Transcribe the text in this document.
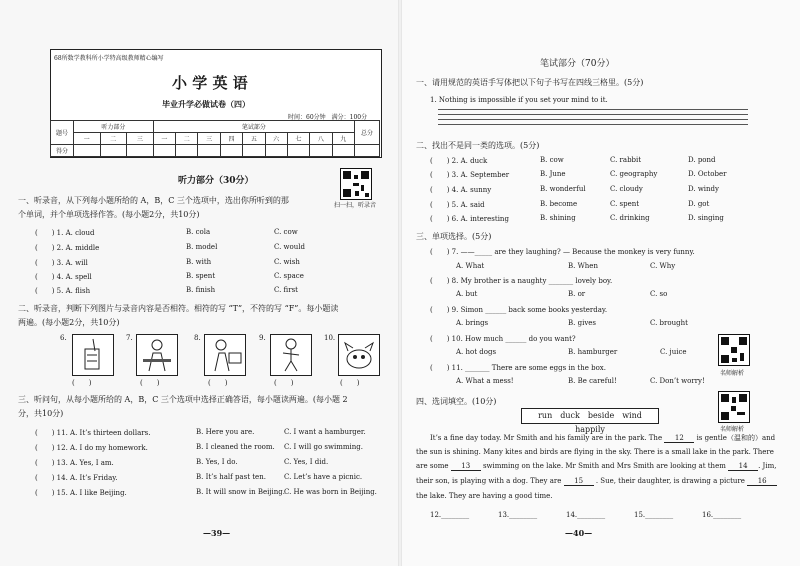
68所数学教科所小学特高级教师精心编写
小 学 英 语
毕业升学必做试卷（四）
时间：60分钟　满分：100分
题号	听力部分			笔试部分									总分
	一	二	三	一	二	三	四	五	六	七	八	九	
得分													
听力部分（30分）
扫一扫，听录音
一、听录音，从下列每小题所给的 A，B，C 三个选项中，选出你所听到的那
个单词，并个单项选择作答。(每小题2分，共10分)
(　　) 1. A. cloud	B. cola	C. cow
(　　) 2. A. middle	B. model	C. would
(　　) 3. A. will	B. with	C. wish
(　　) 4. A. spell	B. spent	C. space
(　　) 5. A. flish	B. finish	C. first
二、听录音，判断下列图片与录音内容是否相符。相符的写 “T”，不符的写 “F”。每小题读
两遍。(每小题2分，共10分)
6.	7.	8.	9.	10.
(　　)	(　　)	(　　)	(　　)	(　　)
三、听问句，从每小题所给的 A，B，C 三个选项中选择正确答语，每小题读两遍。(每小题 2
分，共10分)
(　　) 11. A. It’s thirteen dollars.	B. Here you are.	C. I want a hamburger.
(　　) 12. A. I do my homework.	B. I cleaned the room. C. I will go swimming.
(　　) 13. A. Yes, I am.	B. Yes, I do.	C. Yes, I did.
(　　) 14. A. It’s Friday.	B. It’s half past ten.	C. Let’s have a picnic.
(　　) 15. A. I like Beijing.	B. It will snow in Beijing. C. He was born in Beijing.
—39—
笔试部分（70分）
一、请用规范的英语手写体把以下句子书写在四线三格里。(5分)
1. Nothing is impossible if you set your mind to it.
二、找出不是同一类的选项。(5分)
(　　) 2. A. duck	B. cow	C. rabbit	D. pond
(　　) 3. A. September	B. June	C. geography	D. October
(　　) 4. A. sunny	B. wonderful	C. cloudy	D. windy
(　　) 5. A. said	B. become	C. spent	D. got
(　　) 6. A. interesting	B. shining	C. drinking	D. singing
三、单项选择。(5分)
(　　) 7. ——_____ are they laughing? — Because the monkey is very funny.
A. What	B. When	C. Why
(　　) 8. My brother is a naughty _______ lovely boy.
A. but	B. or	C. so
(　　) 9. Simon ______ back some books yesterday.
A. brings	B. gives	C. brought
(　　) 10. How much ______ do you want?
A. hot dogs	B. hamburger	C. juice
(　　) 11. _______ There are some eggs in the box.
A. What a mess!	B. Be careful!	C. Don’t worry!
名师解析
四、选词填空。(10分)
run　duck　beside　wind　happily	名师解析
It’s a fine day today. Mr Smith and his family are in the park. The 12 is gentle（温和的）and
the sun is shining. Many kites and birds are flying in the sky. There is a small lake in the park. There
are some 13 swimming on the lake. Mr Smith and Mrs Smith are looking at them 14 . Jim,
their son, is playing with a dog. They are 15 . Sue, their daughter, is drawing a picture 16
the lake. They are having a good time.
12.________	13.________	14.________	15.________	16.________
—40—
